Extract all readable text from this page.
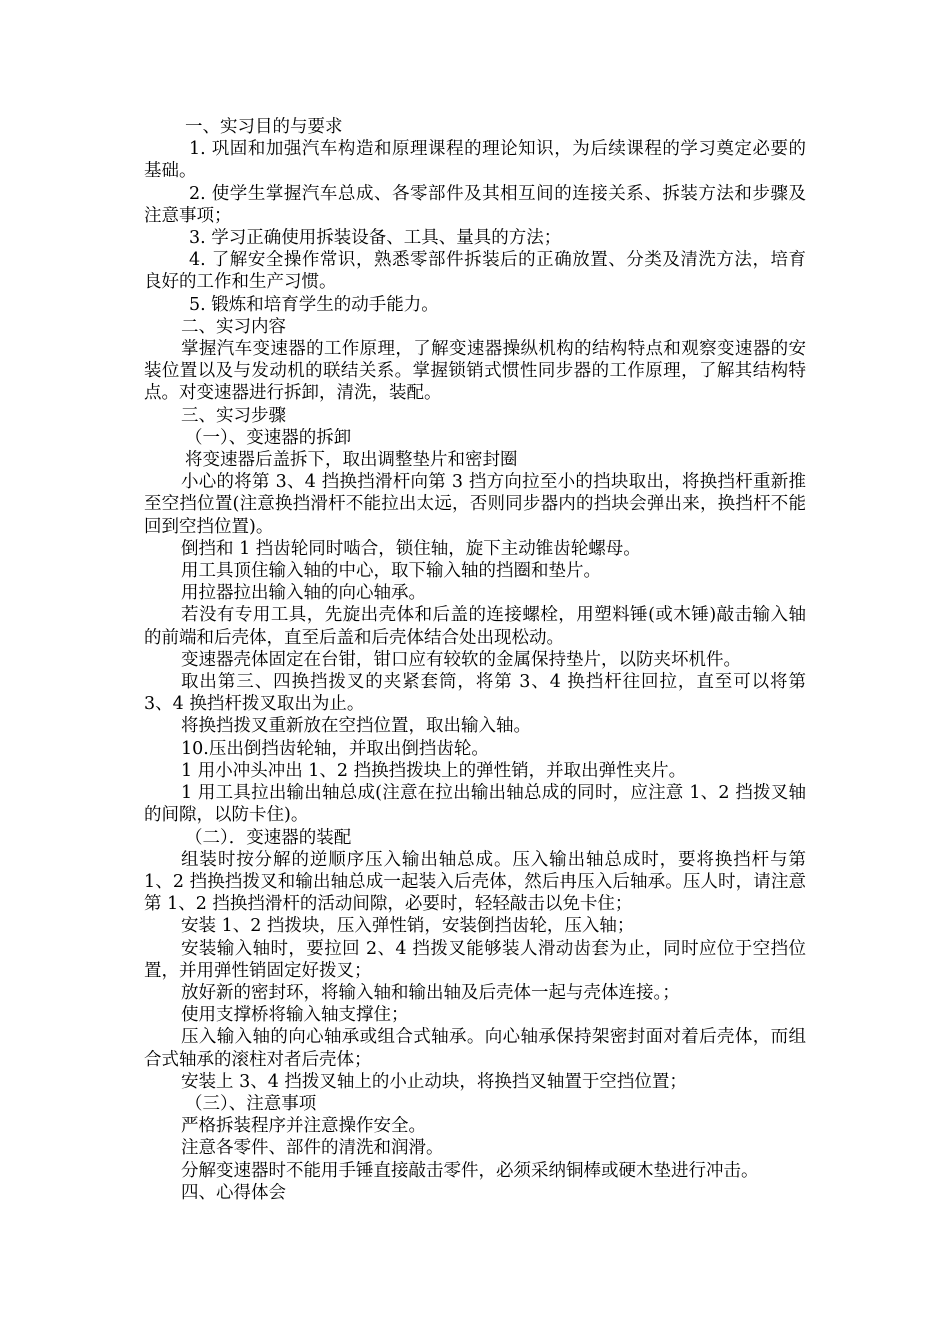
一、实习目的与要求

1. 巩固和加强汽车构造和原理课程的理论知识，为后续课程的学习奠定必要的基础。

2. 使学生掌握汽车总成、各零部件及其相互间的连接关系、拆装方法和步骤及注意事项；

3. 学习正确使用拆装设备、工具、量具的方法；

4. 了解安全操作常识，熟悉零部件拆装后的正确放置、分类及清洗方法，培育良好的工作和生产习惯。

5. 锻炼和培育学生的动手能力。

二、实习内容

掌握汽车变速器的工作原理，了解变速器操纵机构的结构特点和观察变速器的安装位置以及与发动机的联结关系。掌握锁销式惯性同步器的工作原理，了解其结构特点。对变速器进行拆卸，清洗，装配。

三、实习步骤

（一）、变速器的拆卸

将变速器后盖拆下，取出调整垫片和密封圈

小心的将第 3、4 挡换挡滑杆向第 3 挡方向拉至小的挡块取出，将换挡杆重新推至空挡位置(注意换挡滑杆不能拉出太远，否则同步器内的挡块会弹出来，换挡杆不能回到空挡位置)。

倒挡和 1 挡齿轮同时啮合，锁住轴，旋下主动锥齿轮螺母。

用工具顶住输入轴的中心，取下输入轴的挡圈和垫片。

用拉器拉出输入轴的向心轴承。

若没有专用工具，先旋出壳体和后盖的连接螺栓，用塑料锤(或木锤)敲击输入轴的前端和后壳体，直至后盖和后壳体结合处出现松动。

变速器壳体固定在台钳，钳口应有较软的金属保持垫片，以防夹坏机件。

取出第三、四换挡拨叉的夹紧套筒，将第 3、4 换挡杆往回拉，直至可以将第 3、4 换挡杆拨叉取出为止。

将换挡拨叉重新放在空挡位置，取出输入轴。

10.压出倒挡齿轮轴，并取出倒挡齿轮。

1 用小冲头冲出 1、2 挡换挡拨块上的弹性销，并取出弹性夹片。

1 用工具拉出输出轴总成(注意在拉出输出轴总成的同时，应注意 1、2 挡拨叉轴的间隙，以防卡住)。

（二）．变速器的装配

组装时按分解的逆顺序压入输出轴总成。压入输出轴总成时，要将换挡杆与第 1、2 挡换挡拨叉和输出轴总成一起装入后壳体，然后冉压入后轴承。压人时，请注意第 1、2 挡换挡滑杆的活动间隙，必要时，轻轻敲击以免卡住；

安装 1、2 挡拨块，压入弹性销，安装倒挡齿轮，压入轴；

安装输入轴时，要拉回 2、4 挡拨叉能够装人滑动齿套为止，同时应位于空挡位置，并用弹性销固定好拨叉；

放好新的密封环，将输入轴和输出轴及后壳体一起与壳体连接。；

使用支撑桥将输入轴支撑住；

压入输入轴的向心轴承或组合式轴承。向心轴承保持架密封面对着后壳体，而组合式轴承的滚柱对者后壳体；

安装上 3、4 挡拨叉轴上的小止动块，将换挡叉轴置于空挡位置；

（三）、注意事项

严格拆装程序并注意操作安全。

注意各零件、部件的清洗和润滑。

分解变速器时不能用手锤直接敲击零件，必须采纳铜棒或硬木垫进行冲击。

四、心得体会
